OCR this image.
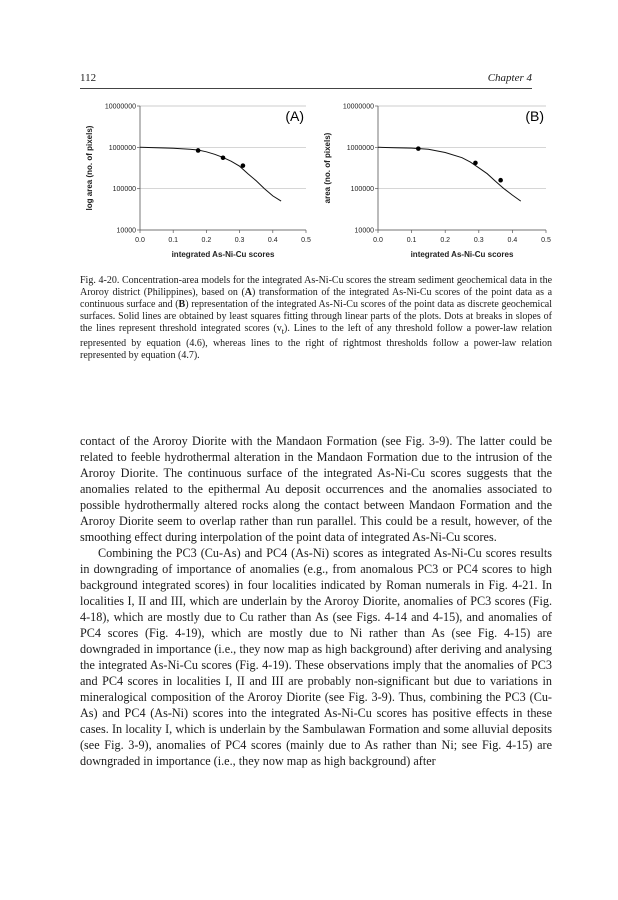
112	Chapter 4
10000
100000
1000000
10000000
0.0	0.1	0.2	0.3	0.4	0.5
integrated As-Ni-Cu scores
log area (no. of pixels)
(A)
10000
100000
1000000
10000000
0.0	0.1	0.2	0.3	0.4	0.5
integrated As-Ni-Cu scores
area (no. of pixels)
(B)

Fig. 4-20. Concentration-area models for the integrated As-Ni-Cu scores the stream sediment geochemical data in the Aroroy district (Philippines), based on (A) transformation of the integrated As-Ni-Cu scores of the point data as a continuous surface and (B) representation of the integrated As-Ni-Cu scores of the point data as discrete geochemical surfaces. Solid lines are obtained by least squares fitting through linear parts of the plots. Dots at breaks in slopes of the lines represent threshold integrated scores $(v_t)$. Lines to the left of any threshold follow a power-law relation represented by equation (4.6), whereas lines to the right of rightmost thresholds follow a power-law relation represented by equation (4.7).

contact of the Aroroy Diorite with the Mandaon Formation (see Fig. 3-9). The latter could be related to feeble hydrothermal alteration in the Mandaon Formation due to the intrusion of the Aroroy Diorite. The continuous surface of the integrated As-Ni-Cu scores suggests that the anomalies related to the epithermal Au deposit occurrences and the anomalies associated to possible hydrothermally altered rocks along the contact between Mandaon Formation and the Aroroy Diorite seem to overlap rather than run parallel. This could be a result, however, of the smoothing effect during interpolation of the point data of integrated As-Ni-Cu scores.

Combining the PC3 (Cu-As) and PC4 (As-Ni) scores as integrated As-Ni-Cu scores results in downgrading of importance of anomalies (e.g., from anomalous PC3 or PC4 scores to high background integrated scores) in four localities indicated by Roman numerals in Fig. 4-21. In localities I, II and III, which are underlain by the Aroroy Diorite, anomalies of PC3 scores (Fig. 4-18), which are mostly due to Cu rather than As (see Figs. 4-14 and 4-15), and anomalies of PC4 scores (Fig. 4-19), which are mostly due to Ni rather than As (see Fig. 4-15) are downgraded in importance (i.e., they now map as high background) after deriving and analysing the integrated As-Ni-Cu scores (Fig. 4-19). These observations imply that the anomalies of PC3 and PC4 scores in localities I, II and III are probably non-significant but due to variations in mineralogical composition of the Aroroy Diorite (see Fig. 3-9). Thus, combining the PC3 (Cu-As) and PC4 (As-Ni) scores into the integrated As-Ni-Cu scores has positive effects in these cases. In locality I, which is underlain by the Sambulawan Formation and some alluvial deposits (see Fig. 3-9), anomalies of PC4 scores (mainly due to As rather than Ni; see Fig. 4-15) are downgraded in importance (i.e., they now map as high background) after
